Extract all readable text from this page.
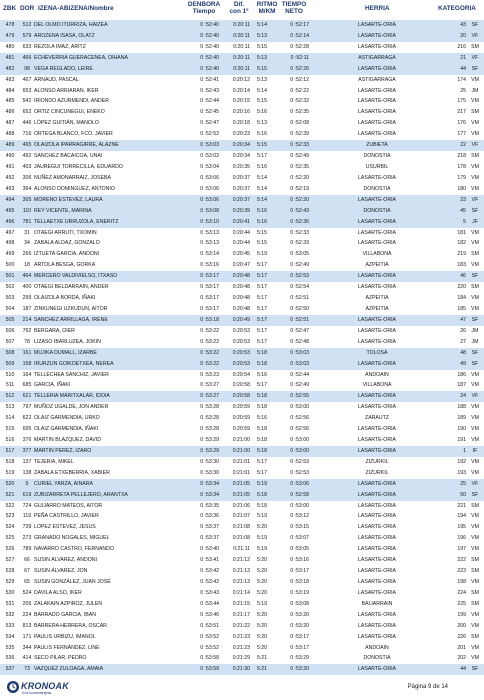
ZBK DOR IZENA-ABIZENA/Nombre
DENBORA
Tiempo
Dif.
con 1º
RITMO
M/KM
TIEMPO
NETO	HERRIA	KATEGORIA
478	512 DEL OLMO ITURRIZA, HAIZEA	0 :52:40	0:20:11	5:14	0 :52:17	LASARTE-ORIA	43	SF
479	579 AROZENA ISASA, OLATZ	0 :52:40	0:20:11	5:13	0 :52:14	LASARTE-ORIA	20	VF
480	633 REZOLA IMAZ, ARITZ	0 :52:40	0:20:11	5:15	0 :52:28	LASARTE-ORIA	216 SM
481	466 ECHEVERRIA GUERACENEA, OIHANA	0 :52:40	0:20:11	5:13	0 :52:11	ASTIGARRAGA	21	VF
482	98 VEGA REGLADO, LEIRE	0 :52:40	0:20:11	5:15	0 :52:26	LASARTE-ORIA	44	SF
483	467 ARNAUD, PASCAL	0 :52:41	0:20:12	5:13	0 :52:12	ASTIGARRAGA	174 VM
484	653 ALONSO ARRIARAN, IKER	0 :52:43	0:20:14	5:14	0 :52:22	LASARTE-ORIA	25	JM
485	542 IRIONDO AZURMENDI, ANDER	0 :52:44	0:20:15	5:15	0 :52:32	LASARTE-ORIA	175 VM
486	652 ORTIZ CINCUNEGUI, ENEKO	0 :52:45	0:20:16	5:16	0 :52:35	LASARTE-ORIA	217 SM
487	446 LÓPEZ GUITIÁN, MANOLO	0 :52:47	0:20:18	5:13	0 :52:08	LASARTE-ORIA	176 VM
488	716 ORTEGA BLANCO, FCO. JAVIER	0 :52:52	0:20:23	5:16	0 :52:39	LASARTE-ORIA	177 VM
489	465 OLAIZOLA IPARRAGIRRE, ALAZNE	0 :53:03	0:20:34	5:15	0 :52:33	ZUBIETA	22	VF
490	492 SANCHEZ BACAICOA, UNAI	0 :53:03	0:20:34	5:17	0 :52:49	DONOSTIA	218 SM
491	403 JAUREGUI TORRECILLA, EDUARDO	0 :53:04	0:20:35	5:16	0 :52:35	USURBIL	178 VM
492	306 NUÑEZ AMONARRAIZ, JOSEBA	0 :53:06	0:20:37	5:14	0 :52:20	LASARTE-ORIA	179 VM
493	364 ALONSO DOMINGUEZ, ANTONIO	0 :53:06	0:20:37	5:14	0 :52:19	DONOSTIA	180 VM
494	305 MORENO ESTEVEZ, LAURA	0 :53:06	0:20:37	5:14	0 :52:20	LASARTE-ORIA	23	VF
495	110 REY VICENTE, MARINA	0 :53:08	0:20:39	5:16	0 :52:43	DONOSTIA	45	SF
496	781 TELLAETXE URRUZOLA, ENERITZ	0 :53:10	0:20:41	5:16	0 :52:36	LASARTE-ORIA	5	JF
497	31 OTAEGI ARRUTI, TXOMIN	0 :53:13	0:20:44	5:15	0 :52:33	LASARTE-ORIA	181 VM
498	34 ZABALA ALDAZ, GONZALO	0 :53:13	0:20:44	5:15	0 :52:33	LASARTE-ORIA	182 VM
499	266 IZTUETA GARCIA, ANDONI	0 :53:14	0:20:45	5:19	0 :53:05	VILLABONA	219 SM
500	18 ARTOLA BESGA, GORKA	0 :53:16	0:20:47	5:17	0 :52:49	AZPEITIA	183 VM
501	464 MERCERO VALDIVIELSO, ITXASO	0 :53:17	0:20:48	5:17	0 :52:53	LASARTE-ORIA	46	SF
502	400 OTAEGI BELDARRAIN, ANDER	0 :53:17	0:20:48	5:17	0 :52:54	LASARTE-ORIA	220 SM
503	299 OLAIZOLA BORDA, IÑAKI	0 :53:17	0:20:48	5:17	0 :52:51	AZPEITIA	184 VM
504	187 ZINKUNEGI UZKUDUN, AITOR	0 :53:17	0:20:48	5:17	0 :52:50	AZPEITIA	185 VM
505	214 SANCHEZ ARRILLAGA, IRENE	0 :53:18	0:20:49	5:17	0 :52:51	LASARTE-ORIA	47	SF
506	762 BERGARA, OIER	0 :53:22	0:20:53	5:17	0 :52:47	LASARTE-ORIA	26	JM
507	78 LIZASO IBARLUZEA, JOKIN	0 :53:22	0:20:53	5:17	0 :52:48	LASARTE-ORIA	27	JM
508	161 MUJIKA DUMALL, IZARBE	0 :53:22	0:20:53	5:18	0 :53:03	TOLOSA	48	SF
509	158 IRURZUN GOIKOETXEA, NEREA	0 :53:22	0:20:53	5:18	0 :53:03	LASARTE-ORIA	49	SF
510	164 TELLECHEA SANCHIZ, JAVIER	0 :53:23	0:20:54	5:16	0 :52:44	ANDOAIN	186 VM
511	685 GARCIA, IÑAKI	0 :53:27	0:20:58	5:17	0 :52:49	VILLABONA	187 VM
512	621 TELLERIA MARITXALAR, IDOIA	0 :53:27	0:20:58	5:18	0 :52:55	LASARTE-ORIA	24	VF
513	797 MUÑOZ UGALDE, JON ANDER	0 :53:28	0:20:59	5:18	0 :53:00	LASARTE-ORIA	188 VM
514	622 OLAIZ GARMENDIA, URKO	0 :53:28	0:20:59	5:16	0 :52:56	ZARAUTZ	189 VM
515	695 OLAIZ GARMENDIA, IÑAKI	0 :53:28	0:20:59	5:18	0 :52:56	LASARTE-ORIA	190 VM
516	376 MARTIN BLAZQUEZ, DAVID	0 :53:29	0:21:00	5:18	0 :53:00	LASARTE-ORIA	191 VM
517	377 MARTIN PEREZ, IZARO	0 :53:29	0:21:00	5:18	0 :53:00	LASARTE-ORIA	1	IF
518	137 TEJERIA, MIKEL	0 :53:30	0:21:01	5:17	0 :52:53	ZIZURKIL	192 VM
519	138 ZABALA ETXEBERRIA, XABIER	0 :53:30	0:21:01	5:17	0 :52:53	ZIZURKIL	193 VM
520	9	CURIEL YARZA, AINARA	0 :53:34	0:21:05	5:19	0 :53:06	LASARTE-ORIA	25	VF
521	619 ZUBIZARRETA PELLEJERO, ARANTXA	0 :53:34	0:21:05	5:18	0 :52:58	LASARTE-ORIA	50	SF
522	724 GUIJARRO MATEOS, AITOR	0 :53:35	0:21:06	5:18	0 :53:00	LASARTE-ORIA	221 SM
523	119 PEÑA CASTRILLO, JAVIER	0 :53:36	0:21:07	5:19	0 :53:12	LASARTE-ORIA	194 VM
524	739 LOPEZ ESTEVEZ, JESUS	0 :53:37	0:21:08	5:20	0 :53:15	LASARTE-ORIA	195 VM
525	273 GRANADO NOGALES, MIGUEL	0 :53:37	0:21:08	5:19	0 :53:07	LASARTE-ORIA	196 VM
526	789 NAVARRO CASTRO, FERNANDO	0 :53:40	0:21:11	5:19	0 :53:05	LASARTE-ORIA	197 VM
527	66 SUSIN ÁLVAREZ, ANDONI	0 :53:41	0:21:12	5:20	0 :53:16	LASARTE-ORIA	222 SM
528	67 SUSIN ÁLVAREZ, JON	0 :53:42	0:21:13	5:20	0 :53:17	LASARTE-ORIA	223 SM
529	65 SUSIN GONZÁLEZ, JUAN JOSÉ	0 :53:42	0:21:13	5:20	0 :53:18	LASARTE-ORIA	198 VM
530	524 DAVILA ALSO, IKER	0 :53:43	0:21:14	5:20	0 :53:19	LASARTE-ORIA	224 SM
531	205 ZALAKAIN AZPIROZ, JULEN	0 :53:44	0:21:15	5:19	0 :53:08	BALIARRAIN	225 SM
532	224 BARRADO GARCIA, IBAN	0 :53:46	0:21:17	5:20	0 :53:20	LASARTE-ORIA	199 VM
533	813 BARRERA HERRERA, OSCAR	0 :53:51	0:21:22	5:20	0 :53:20	LASARTE-ORIA	200 VM
534	171 PAULIS URBIZU, IMANOL	0 :53:52	0:21:23	5:20	0 :53:17	LASARTE-ORIA	226 SM
535	344 PAULIS FERNÁNDEZ, LINE	0 :53:52	0:21:23	5:20	0 :53:17	ANDOAIN	201 VM
536	414 SECO PILAR, PEDRO	0 :53:58	0:21:29	5:21	0 :53:29	DONOSTIA	202 VM
537	73 VAZQUEZ ZULOAGA, AMAIA	0 :53:59	0:21:30	5:21	0 :53:20	LASARTE-ORIA	44	SF
KRONOAK
Kirol kronometrajeak
Página 9 de 14
